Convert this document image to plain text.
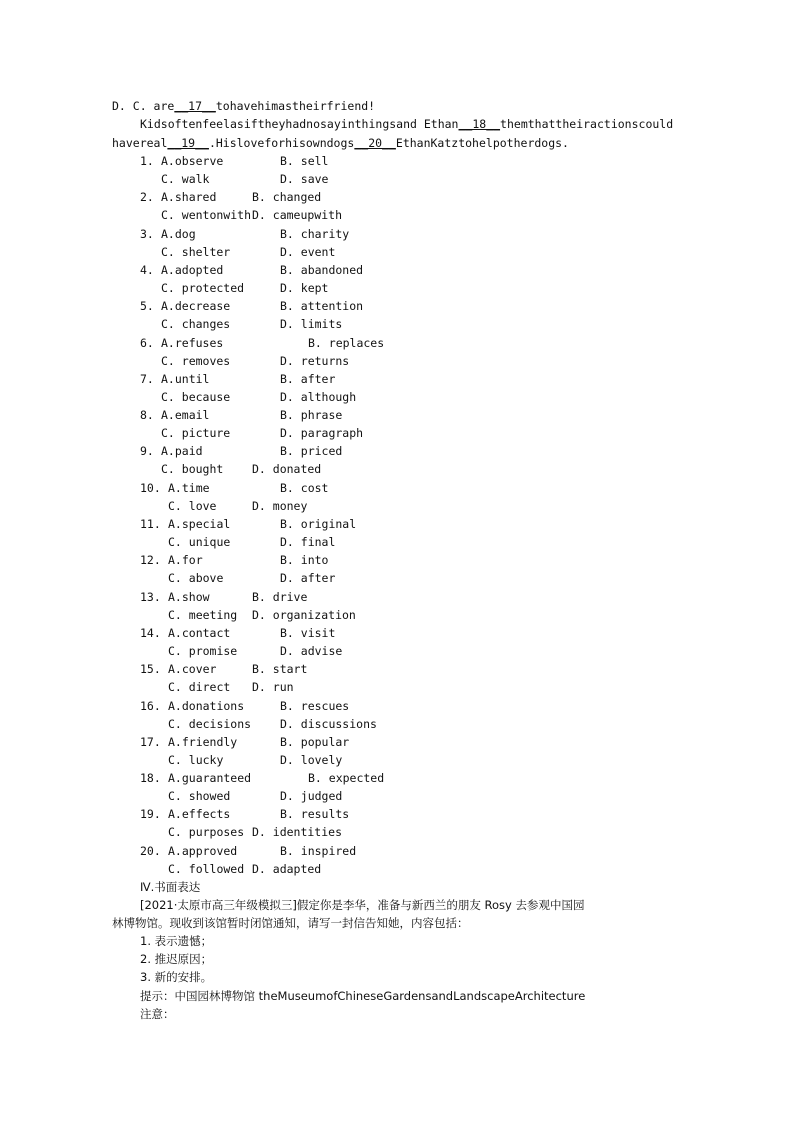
D. C. are__17__tohavehimastheirfriend!
Kidsoftenfeelasiftheyhadnosayinthingsand Ethan__18__themthattheiractionscould
havereal__19__.Hisloveforhisowndogs__20__EthanKatztohelpotherdogs.
1. A.observe	B. sell
C. walk	D. save
2. A.shared	B. changed
C. wentonwith D. cameupwith
3. A.dog	B. charity
C. shelter	D. event
4. A.adopted	B. abandoned
C. protected	D. kept
5. A.decrease	B. attention
C. changes	D. limits
6. A.refuses	B. replaces
C. removes	D. returns
7. A.until	B. after
C. because	D. although
8. A.email	B. phrase
C. picture	D. paragraph
9. A.paid	B. priced
C. bought D. donated
10. A.time	B. cost
C. love	D. money
11. A.special	B. original
C. unique	D. final
12. A.for	B. into
C. above	D. after
13. A.show	B. drive
C. meeting D. organization
14. A.contact	B. visit
C. promise	D. advise
15. A.cover	B. start
C. direct D. run
16. A.donations	B. rescues
C. decisions	D. discussions
17. A.friendly	B. popular
C. lucky	D. lovely
18. A.guaranteed	B. expected
C. showed	D. judged
19. A.effects	B. results
C. purposes D. identities
20. A.approved	B. inspired
C. followed D. adapted
Ⅳ.书面表达
[2021·太原市高三年级模拟三]假定你是李华，准备与新西兰的朋友 Rosy 去参观中国园
林博物馆。现收到该馆暂时闭馆通知，请写一封信告知她，内容包括：
1. 表示遗憾；
2. 推迟原因；
3. 新的安排。
提示：中国园林博物馆 theMuseumofChineseGardensandLandscapeArchitecture
注意：
